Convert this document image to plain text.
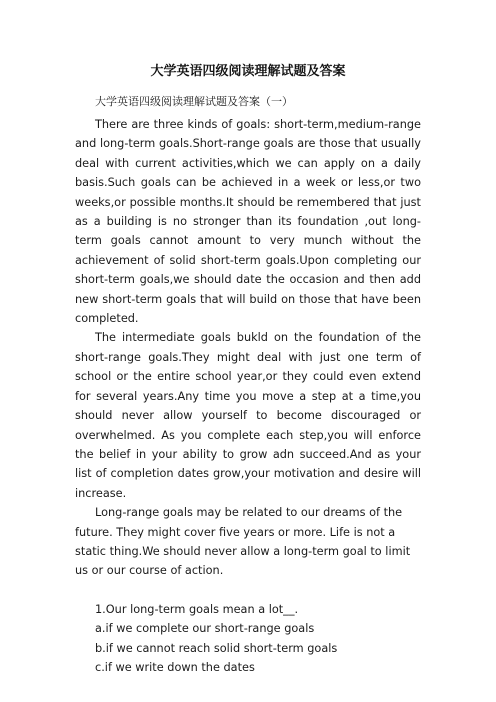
大学英语四级阅读理解试题及答案
大学英语四级阅读理解试题及答案（一）

There are three kinds of goals: short-term,medium-range and long-term goals.Short-range goals are those that usually deal with current activities,which we can apply on a daily basis.Such goals can be achieved in a week or less,or two weeks,or possible months.It should be remembered that just as a building is no stronger than its foundation ,out long-term goals cannot amount to very munch without the achievement of solid short-term goals.Upon completing our short-term goals,we should date the occasion and then add new short-term goals that will build on those that have been completed.

The intermediate goals bukld on the foundation of the short-range goals.They might deal with just one term of school or the entire school year,or they could even extend for several years.Any time you move a step at a time,you should never allow yourself to become discouraged or overwhelmed. As you complete each step,you will enforce the belief in your ability to grow adn succeed.And as your list of completion dates grow,your motivation and desire will increase.

Long-range goals may be related to our dreams of the future. They might cover five years or more. Life is not a static thing.We should never allow a long-term goal to limit us or our course of action.

1.Our long-term goals mean a lot__.

a.if we complete our short-range goals

b.if we cannot reach solid short-term goals

c.if we write down the dates
